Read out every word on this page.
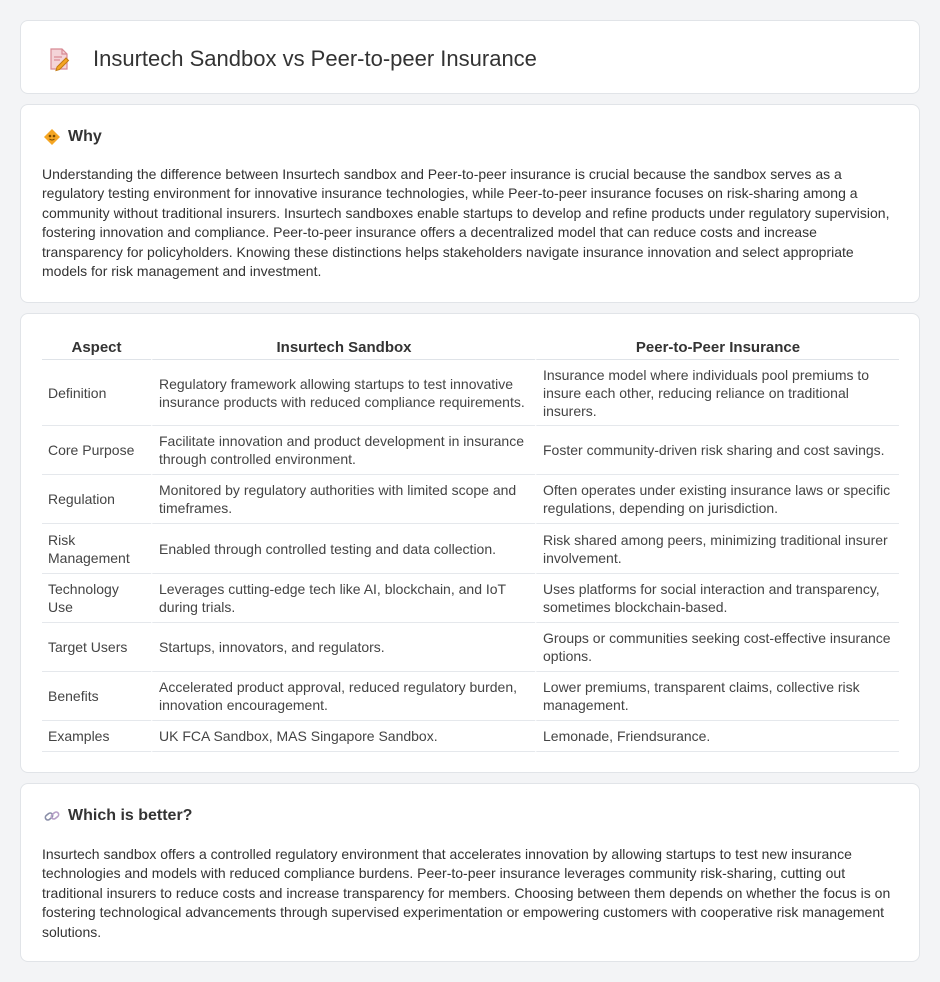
Insurtech Sandbox vs Peer-to-peer Insurance
Why

Understanding the difference between Insurtech sandbox and Peer-to-peer insurance is crucial because the sandbox serves as a regulatory testing environment for innovative insurance technologies, while Peer-to-peer insurance focuses on risk-sharing among a community without traditional insurers. Insurtech sandboxes enable startups to develop and refine products under regulatory supervision, fostering innovation and compliance. Peer-to-peer insurance offers a decentralized model that can reduce costs and increase transparency for policyholders. Knowing these distinctions helps stakeholders navigate insurance innovation and select appropriate models for risk management and investment.

Aspect	Insurtech Sandbox	Peer-to-Peer Insurance
Definition	Regulatory framework allowing startups to test innovative insurance products with reduced compliance requirements.	Insurance model where individuals pool premiums to insure each other, reducing reliance on traditional insurers.
Core Purpose	Facilitate innovation and product development in insurance through controlled environment.	Foster community-driven risk sharing and cost savings.
Regulation	Monitored by regulatory authorities with limited scope and timeframes.	Often operates under existing insurance laws or specific regulations, depending on jurisdiction.
Risk Management	Enabled through controlled testing and data collection.	Risk shared among peers, minimizing traditional insurer involvement.
Technology Use	Leverages cutting-edge tech like AI, blockchain, and IoT during trials.	Uses platforms for social interaction and transparency, sometimes blockchain-based.
Target Users	Startups, innovators, and regulators.	Groups or communities seeking cost-effective insurance options.
Benefits	Accelerated product approval, reduced regulatory burden, innovation encouragement.	Lower premiums, transparent claims, collective risk management.
Examples	UK FCA Sandbox, MAS Singapore Sandbox.	Lemonade, Friendsurance.
Which is better?

Insurtech sandbox offers a controlled regulatory environment that accelerates innovation by allowing startups to test new insurance technologies and models with reduced compliance burdens. Peer-to-peer insurance leverages community risk-sharing, cutting out traditional insurers to reduce costs and increase transparency for members. Choosing between them depends on whether the focus is on fostering technological advancements through supervised experimentation or empowering customers with cooperative risk management solutions.
